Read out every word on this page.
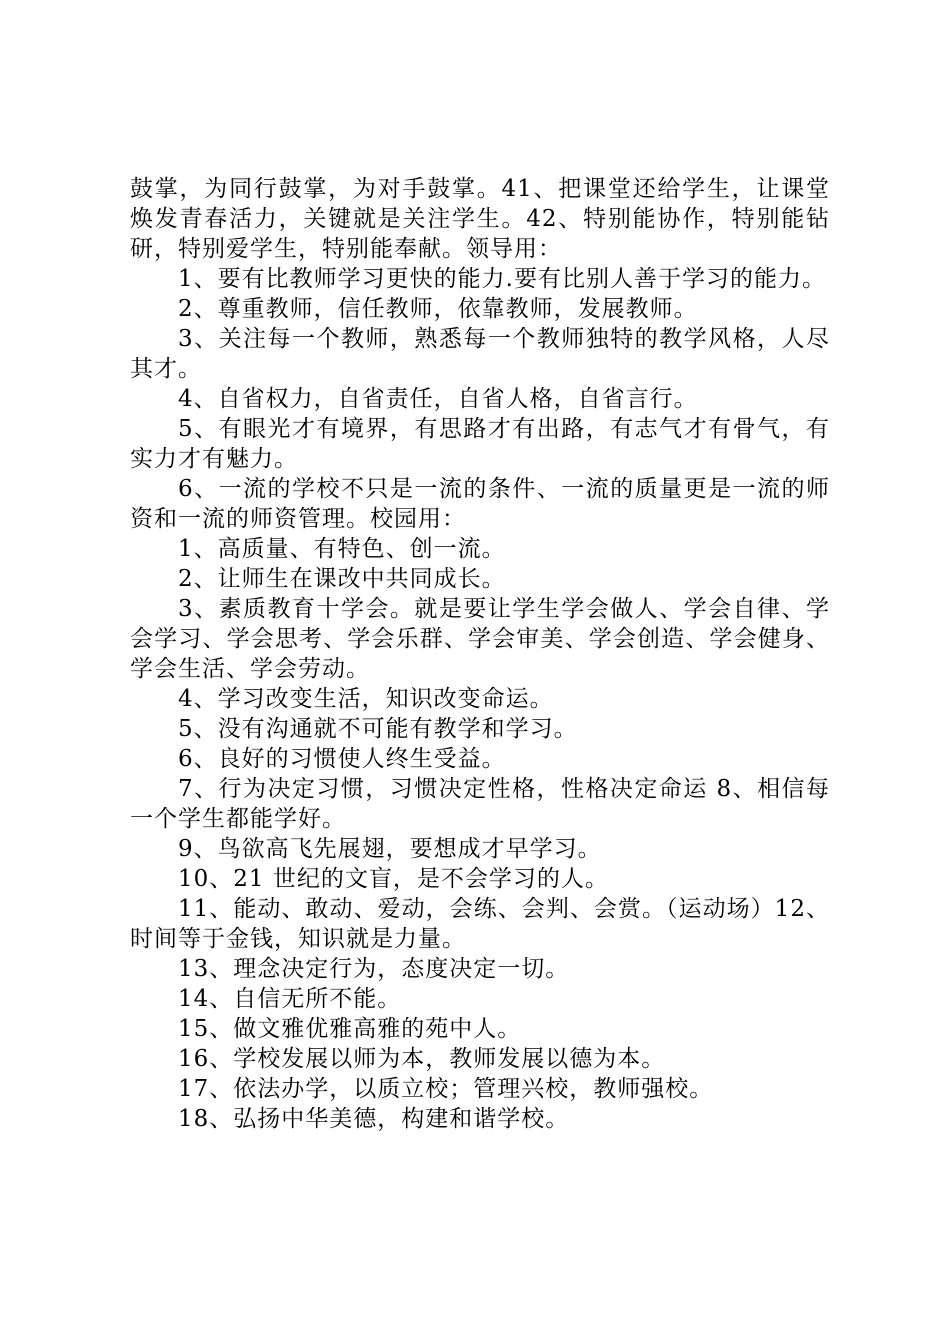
鼓掌，为同行鼓掌，为对手鼓掌。41、把课堂还给学生，让课堂焕发青春活力，关键就是关注学生。42、特别能协作，特别能钻研，特别爱学生，特别能奉献。领导用：

1、要有比教师学习更快的能力.要有比别人善于学习的能力。

2、尊重教师，信任教师，依靠教师，发展教师。

3、关注每一个教师，熟悉每一个教师独特的教学风格，人尽其才。

4、自省权力，自省责任，自省人格，自省言行。

5、有眼光才有境界，有思路才有出路，有志气才有骨气，有实力才有魅力。

6、一流的学校不只是一流的条件、一流的质量更是一流的师资和一流的师资管理。校园用：

1、高质量、有特色、创一流。

2、让师生在课改中共同成长。

3、素质教育十学会。就是要让学生学会做人、学会自律、学会学习、学会思考、学会乐群、学会审美、学会创造、学会健身、学会生活、学会劳动。

4、学习改变生活，知识改变命运。

5、没有沟通就不可能有教学和学习。

6、良好的习惯使人终生受益。

7、行为决定习惯，习惯决定性格，性格决定命运 8、相信每一个学生都能学好。

9、鸟欲高飞先展翅，要想成才早学习。

10、21 世纪的文盲，是不会学习的人。

11、能动、敢动、爱动，会练、会判、会赏。（运动场）12、时间等于金钱，知识就是力量。

13、理念决定行为，态度决定一切。

14、自信无所不能。

15、做文雅优雅高雅的苑中人。

16、学校发展以师为本，教师发展以德为本。

17、依法办学，以质立校；管理兴校，教师强校。

18、弘扬中华美德，构建和谐学校。
